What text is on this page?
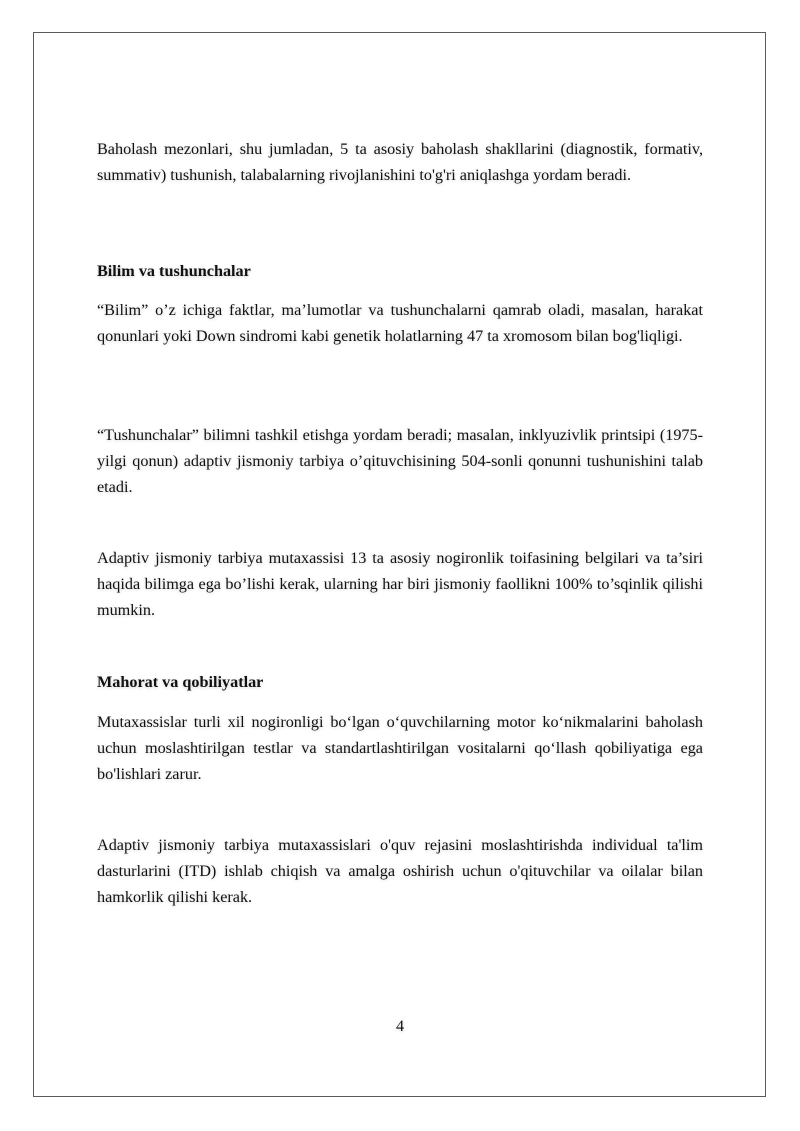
Baholash mezonlari, shu jumladan, 5 ta asosiy baholash shakllarini (diagnostik, formativ, summativ) tushunish, talabalarning rivojlanishini to'g'ri aniqlashga yordam beradi.

Bilim va tushunchalar

“Bilim” o’z ichiga faktlar, ma’lumotlar va tushunchalarni qamrab oladi, masalan, harakat qonunlari yoki Down sindromi kabi genetik holatlarning 47 ta xromosom bilan bog'liqligi.

“Tushunchalar” bilimni tashkil etishga yordam beradi; masalan, inklyuzivlik printsipi (1975-yilgi qonun) adaptiv jismoniy tarbiya o’qituvchisining 504-sonli qonunni tushunishini talab etadi.

Adaptiv jismoniy tarbiya mutaxassisi 13 ta asosiy nogironlik toifasining belgilari va ta’siri haqida bilimga ega bo’lishi kerak, ularning har biri jismoniy faollikni 100% to’sqinlik qilishi mumkin.

Mahorat va qobiliyatlar

Mutaxassislar turli xil nogironligi bo‘lgan o‘quvchilarning motor ko‘nikmalarini baholash uchun moslashtirilgan testlar va standartlashtirilgan vositalarni qo‘llash qobiliyatiga ega bo'lishlari zarur.

Adaptiv jismoniy tarbiya mutaxassislari o'quv rejasini moslashtirishda individual ta'lim dasturlarini (ITD) ishlab chiqish va amalga oshirish uchun o'qituvchilar va oilalar bilan hamkorlik qilishi kerak.

4
